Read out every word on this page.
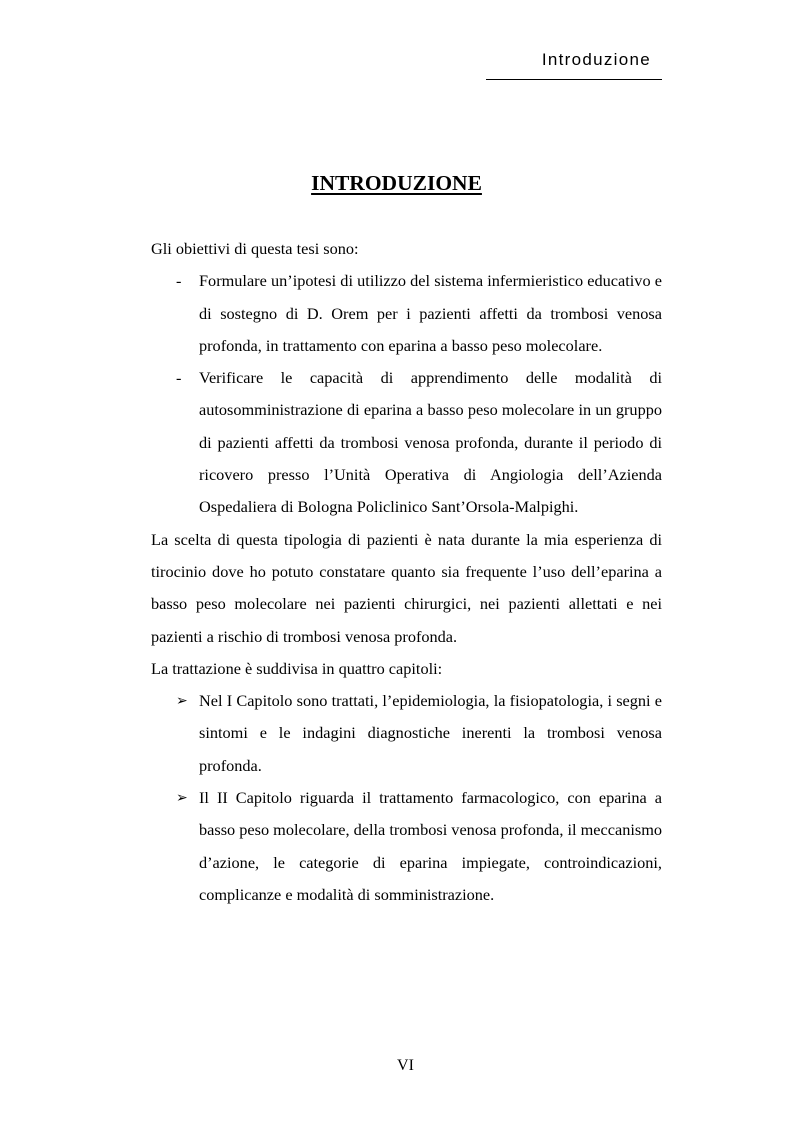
Introduzione
INTRODUZIONE

Gli obiettivi di questa tesi sono:

- Formulare un’ipotesi di utilizzo del sistema infermieristico educativo e di sostegno di D. Orem per i pazienti affetti da trombosi venosa profonda, in trattamento con eparina a basso peso molecolare.
- Verificare le capacità di apprendimento delle modalità di autosomministrazione di eparina a basso peso molecolare in un gruppo di pazienti affetti da trombosi venosa profonda, durante il periodo di ricovero presso l’Unità Operativa di Angiologia dell’Azienda Ospedaliera di Bologna Policlinico Sant’Orsola-Malpighi.

La scelta di questa tipologia di pazienti è nata durante la mia esperienza di tirocinio dove ho potuto constatare quanto sia frequente l’uso dell’eparina a basso peso molecolare nei pazienti chirurgici, nei pazienti allettati e nei pazienti a rischio di trombosi venosa profonda.

La trattazione è suddivisa in quattro capitoli:

➢ Nel I Capitolo sono trattati, l’epidemiologia, la fisiopatologia, i segni e sintomi e le indagini diagnostiche inerenti la trombosi venosa profonda.
➢ Il II Capitolo riguarda il trattamento farmacologico, con eparina a basso peso molecolare, della trombosi venosa profonda, il meccanismo d’azione, le categorie di eparina impiegate, controindicazioni, complicanze e modalità di somministrazione.
VI
